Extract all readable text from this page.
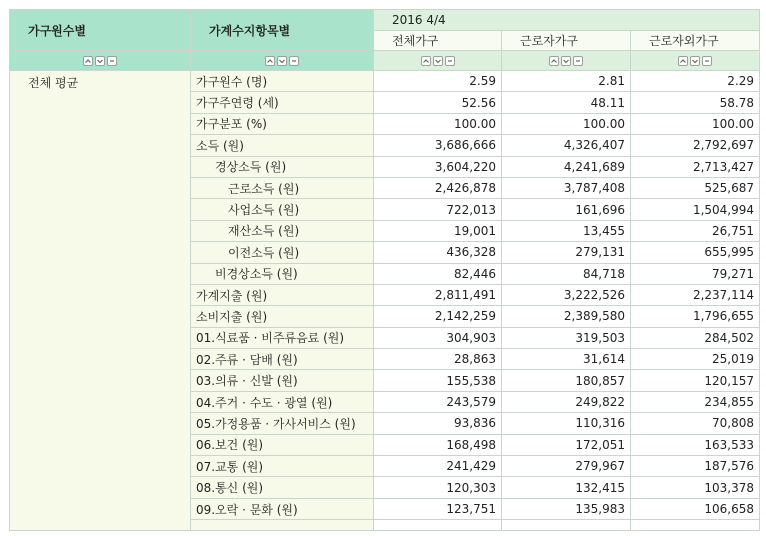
가구원수별	가계수지항목별	2016 4/4		
		전체가구	근로자가구	근로자외가구

전체 평균	가구원수 (명)	2.59	2.81	2.29
	가구주연령 (세)	52.56	48.11	58.78
	가구분포 (%)	100.00	100.00	100.00
	소득 (원)	3,686,666	4,326,407	2,792,697
	경상소득 (원)	3,604,220	4,241,689	2,713,427
	근로소득 (원)	2,426,878	3,787,408	525,687
	사업소득 (원)	722,013	161,696	1,504,994
	재산소득 (원)	19,001	13,455	26,751
	이전소득 (원)	436,328	279,131	655,995
	비경상소득 (원)	82,446	84,718	79,271
	가계지출 (원)	2,811,491	3,222,526	2,237,114
	소비지출 (원)	2,142,259	2,389,580	1,796,655
	01.식료품 · 비주류음료 (원)	304,903	319,503	284,502
	02.주류 · 담배 (원)	28,863	31,614	25,019
	03.의류 · 신발 (원)	155,538	180,857	120,157
	04.주거 · 수도 · 광열 (원)	243,579	249,822	234,855
	05.가정용품 · 가사서비스 (원)	93,836	110,316	70,808
	06.보건 (원)	168,498	172,051	163,533
	07.교통 (원)	241,429	279,967	187,576
	08.통신 (원)	120,303	132,415	103,378
	09.오락 · 문화 (원)	123,751	135,983	106,658
